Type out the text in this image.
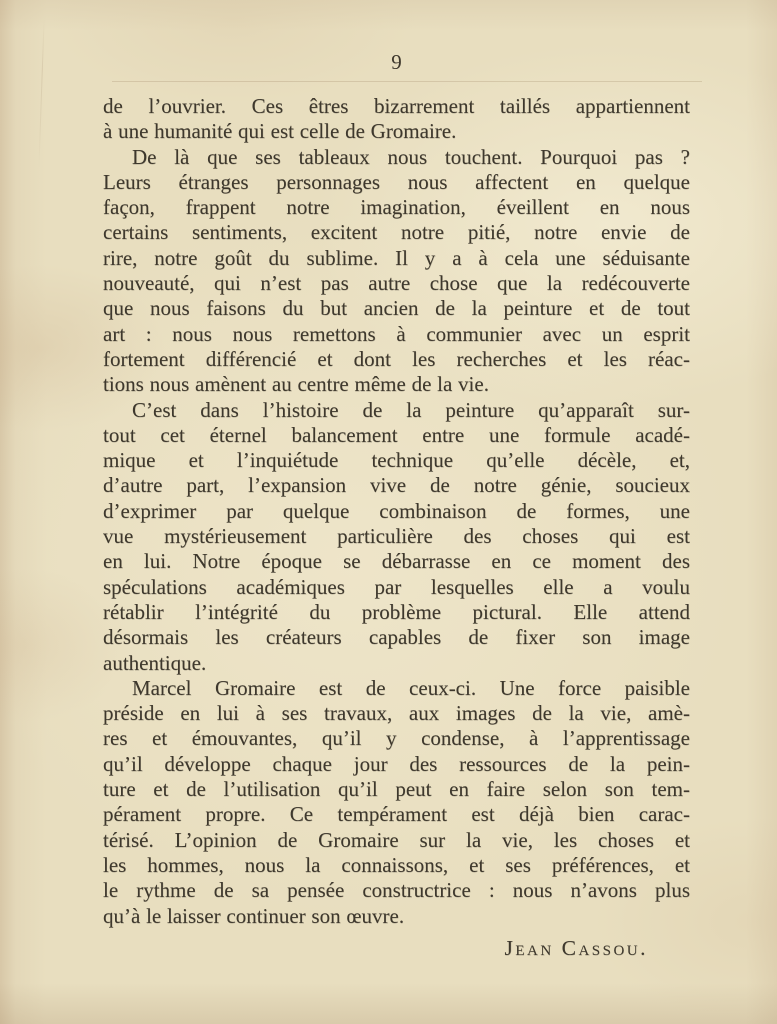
9
de l’ouvrier. Ces êtres bizarrement taillés appartiennent
à une humanité qui est celle de Gromaire.
De là que ses tableaux nous touchent. Pourquoi pas ?
Leurs étranges personnages nous affectent en quelque
façon, frappent notre imagination, éveillent en nous
certains sentiments, excitent notre pitié, notre envie de
rire, notre goût du sublime. Il y a à cela une séduisante
nouveauté, qui n’est pas autre chose que la redécouverte
que nous faisons du but ancien de la peinture et de tout
art : nous nous remettons à communier avec un esprit
fortement différencié et dont les recherches et les réac-
tions nous amènent au centre même de la vie.
C’est dans l’histoire de la peinture qu’apparaît sur-
tout cet éternel balancement entre une formule acadé-
mique et l’inquiétude technique qu’elle décèle, et,
d’autre part, l’expansion vive de notre génie, soucieux
d’exprimer par quelque combinaison de formes, une
vue mystérieusement particulière des choses qui est
en lui. Notre époque se débarrasse en ce moment des
spéculations académiques par lesquelles elle a voulu
rétablir l’intégrité du problème pictural. Elle attend
désormais les créateurs capables de fixer son image
authentique.
Marcel Gromaire est de ceux-ci. Une force paisible
préside en lui à ses travaux, aux images de la vie, amè-
res et émouvantes, qu’il y condense, à l’apprentissage
qu’il développe chaque jour des ressources de la pein-
ture et de l’utilisation qu’il peut en faire selon son tem-
pérament propre. Ce tempérament est déjà bien carac-
térisé. L’opinion de Gromaire sur la vie, les choses et
les hommes, nous la connaissons, et ses préférences, et
le rythme de sa pensée constructrice : nous n’avons plus
qu’à le laisser continuer son œuvre.
Jean Cassou.
